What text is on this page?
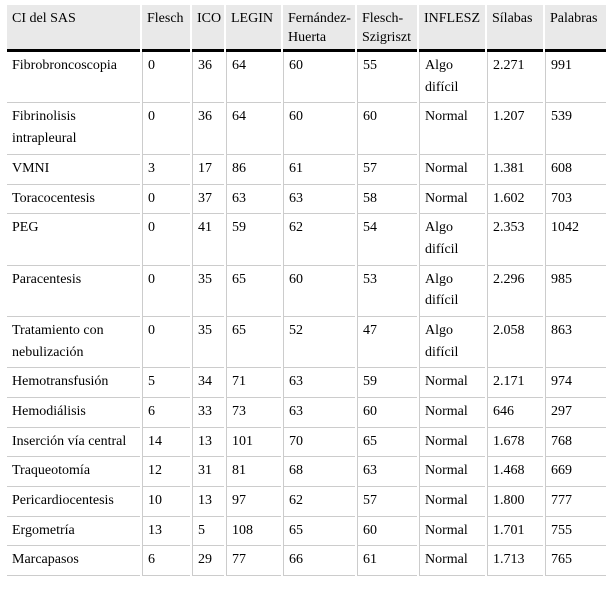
CI del SAS	Flesch	ICO	LEGIN	Fernández-Huerta	Flesch-Szigriszt	INFLESZ	Sílabas	Palabras
Fibrobroncoscopia	0	36	64	60	55	Algo difícil	2.271	991
Fibrinolisis intrapleural	0	36	64	60	60	Normal	1.207	539
VMNI	3	17	86	61	57	Normal	1.381	608
Toracocentesis	0	37	63	63	58	Normal	1.602	703
PEG	0	41	59	62	54	Algo difícil	2.353	1042
Paracentesis	0	35	65	60	53	Algo difícil	2.296	985
Tratamiento con nebulización	0	35	65	52	47	Algo difícil	2.058	863
Hemotransfusión	5	34	71	63	59	Normal	2.171	974
Hemodiálisis	6	33	73	63	60	Normal	646	297
Inserción vía central	14	13	101	70	65	Normal	1.678	768
Traqueotomía	12	31	81	68	63	Normal	1.468	669
Pericardiocentesis	10	13	97	62	57	Normal	1.800	777
Ergometría	13	5	108	65	60	Normal	1.701	755
Marcapasos	6	29	77	66	61	Normal	1.713	765
